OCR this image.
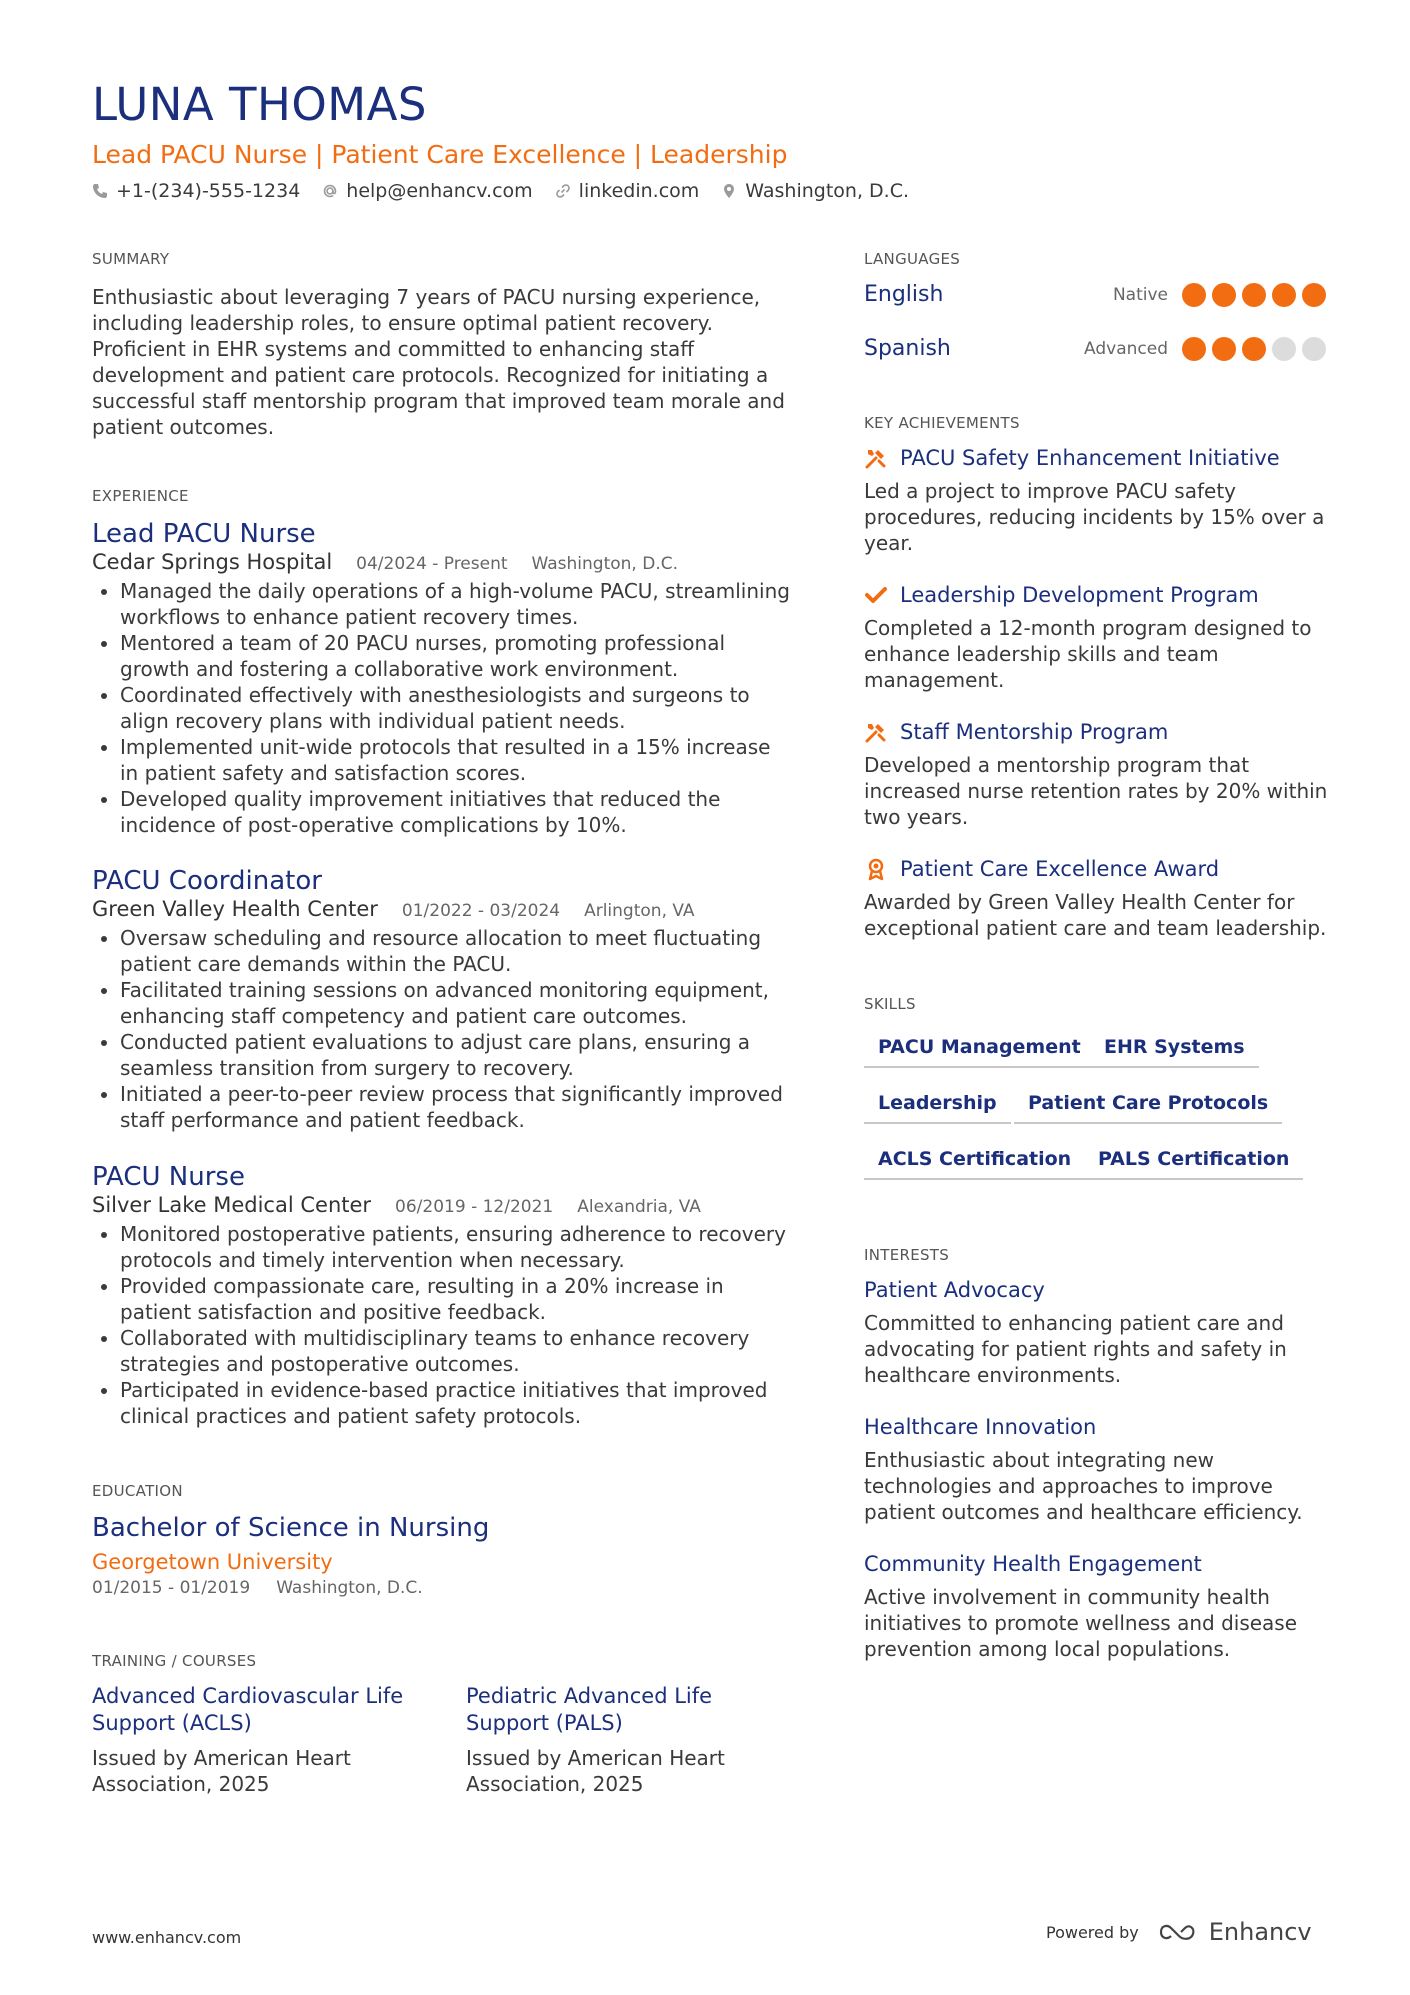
LUNA THOMAS
Lead PACU Nurse | Patient Care Excellence | Leadership
+1-(234)-555-1234 help@enhancv.com linkedin.com Washington, D.C.
SUMMARY
Enthusiastic about leveraging 7 years of PACU nursing experience, including leadership roles, to ensure optimal patient recovery. Proficient in EHR systems and committed to enhancing staff development and patient care protocols. Recognized for initiating a successful staff mentorship program that improved team morale and patient outcomes.
EXPERIENCE
Lead PACU Nurse
Cedar Springs Hospital 04/2024 - Present Washington, D.C.
• Managed the daily operations of a high-volume PACU, streamlining workflows to enhance patient recovery times.
• Mentored a team of 20 PACU nurses, promoting professional growth and fostering a collaborative work environment.
• Coordinated effectively with anesthesiologists and surgeons to align recovery plans with individual patient needs.
• Implemented unit-wide protocols that resulted in a 15% increase in patient safety and satisfaction scores.
• Developed quality improvement initiatives that reduced the incidence of post-operative complications by 10%.
PACU Coordinator
Green Valley Health Center 01/2022 - 03/2024 Arlington, VA
• Oversaw scheduling and resource allocation to meet fluctuating patient care demands within the PACU.
• Facilitated training sessions on advanced monitoring equipment, enhancing staff competency and patient care outcomes.
• Conducted patient evaluations to adjust care plans, ensuring a seamless transition from surgery to recovery.
• Initiated a peer-to-peer review process that significantly improved staff performance and patient feedback.
PACU Nurse
Silver Lake Medical Center 06/2019 - 12/2021 Alexandria, VA
• Monitored postoperative patients, ensuring adherence to recovery protocols and timely intervention when necessary.
• Provided compassionate care, resulting in a 20% increase in patient satisfaction and positive feedback.
• Collaborated with multidisciplinary teams to enhance recovery strategies and postoperative outcomes.
• Participated in evidence-based practice initiatives that improved clinical practices and patient safety protocols.
EDUCATION
Bachelor of Science in Nursing
Georgetown University
01/2015 - 01/2019 Washington, D.C.
TRAINING / COURSES
Advanced Cardiovascular Life Support (ACLS)
Issued by American Heart Association, 2025
Pediatric Advanced Life Support (PALS)
Issued by American Heart Association, 2025
LANGUAGES
English	Native
Spanish	Advanced
KEY ACHIEVEMENTS
PACU Safety Enhancement Initiative
Led a project to improve PACU safety procedures, reducing incidents by 15% over a year.
Leadership Development Program
Completed a 12-month program designed to enhance leadership skills and team management.
Staff Mentorship Program
Developed a mentorship program that increased nurse retention rates by 20% within two years.
Patient Care Excellence Award
Awarded by Green Valley Health Center for exceptional patient care and team leadership.
SKILLS
PACU Management	EHR Systems
Leadership	Patient Care Protocols
ACLS Certification	PALS Certification
INTERESTS
Patient Advocacy
Committed to enhancing patient care and advocating for patient rights and safety in healthcare environments.
Healthcare Innovation
Enthusiastic about integrating new technologies and approaches to improve patient outcomes and healthcare efficiency.
Community Health Engagement
Active involvement in community health initiatives to promote wellness and disease prevention among local populations.
www.enhancv.com	Powered by	Enhancv
